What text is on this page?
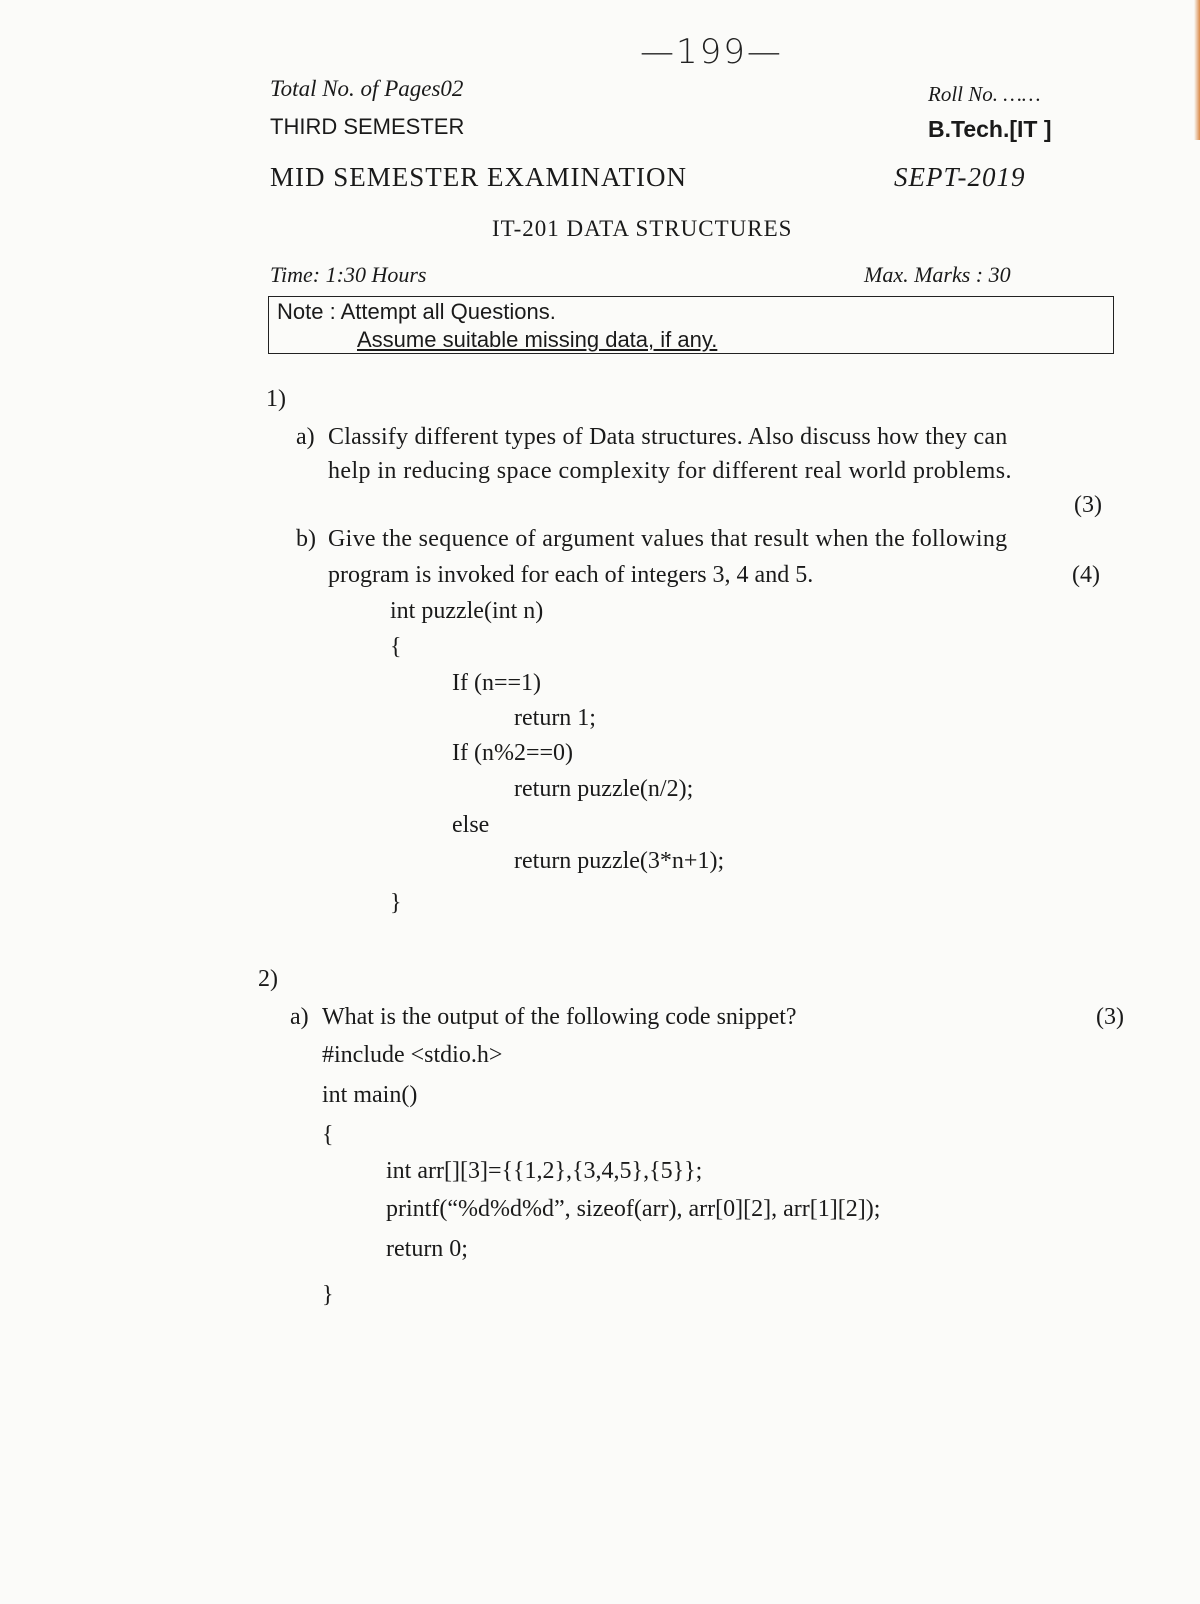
—199—
Total No. of Pages02	Roll No. ……
THIRD SEMESTER	B.Tech.[IT ]
MID SEMESTER EXAMINATION	SEPT-2019
IT-201 DATA STRUCTURES
Time: 1:30 Hours	Max. Marks : 30
Note : Attempt all Questions.
Assume suitable missing data, if any.
1)
a) Classify different types of Data structures. Also discuss how they can
help in reducing space complexity for different real world problems.
(3)
b) Give the sequence of argument values that result when the following
program is invoked for each of integers 3, 4 and 5.	(4)
int puzzle(int n)
{
If (n==1)
return 1;
If (n%2==0)
return puzzle(n/2);
else
return puzzle(3*n+1);
}
2)
a) What is the output of the following code snippet?	(3)
#include <stdio.h>
int main()
{
int arr[][3]={{1,2},{3,4,5},{5}};
printf(“%d%d%d”, sizeof(arr), arr[0][2], arr[1][2]);
return 0;
}
